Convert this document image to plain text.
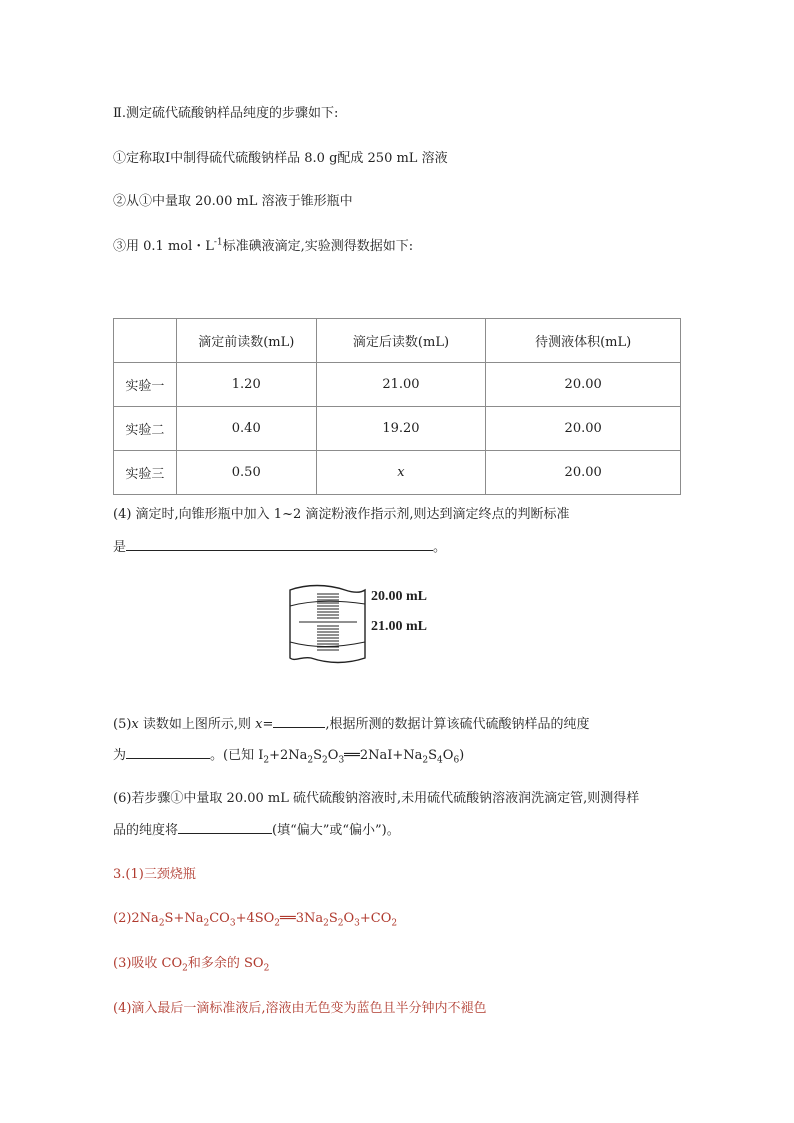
Ⅱ.测定硫代硫酸钠样品纯度的步骤如下:
①定称取Ⅰ中制得硫代硫酸钠样品 8.0 g配成 250 mL 溶液
②从①中量取 20.00 mL 溶液于锥形瓶中
③用 0.1 mol・$L^{-1}$标准碘液滴定,实验测得数据如下:
	滴定前读数(mL)	滴定后读数(mL)	待测液体积(mL)
实验一	1.20	21.00	20.00
实验二	0.40	19.20	20.00
实验三	0.50	x	20.00
(4) 滴定时,向锥形瓶中加入 1~2 滴淀粉液作指示剂,则达到滴定终点的判断标准
是	。
20.00 mL
21.00 mL
(5)x 读数如上图所示,则 x=	,根据所测的数据计算该硫代硫酸钠样品的纯度
为	。(已知 $I_2+2Na_2S_2O_3══2NaI+Na_2S_4O_6$)
(6)若步骤①中量取 20.00 mL 硫代硫酸钠溶液时,未用硫代硫酸钠溶液润洗滴定管,则测得样
品的纯度将	(填“偏大”或“偏小”)。
3.(1)三颈烧瓶
$(2)2Na_2S+Na_2CO_3+4SO_2══3Na_2S_2O_3+CO_2$
(3)吸收 $CO_2$和多余的 $SO_2$
(4)滴入最后一滴标准液后,溶液由无色变为蓝色且半分钟内不褪色
